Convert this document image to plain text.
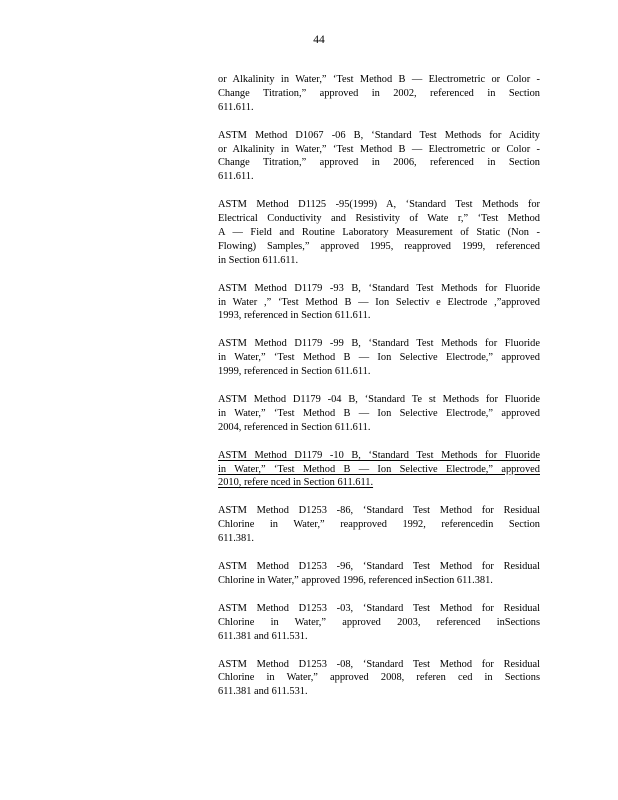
44
or Alkalinity in Water,” ‘Test Method B — Electrometric or Color -
Change Titration,” approved in 2002, referenced in Section
611.611.
ASTM Method D1067 -06 B, ‘Standard Test Methods for Acidity
or Alkalinity in Water,” ‘Test Method B — Electrometric or Color -
Change Titration,” approved in 2006, referenced in Section
611.611.
ASTM Method D1125 -95(1999) A, ‘Standard Test Methods for
Electrical Conductivity and Resistivity of Wate r,” ‘Test Method
A — Field and Routine Laboratory Measurement of Static (Non -
Flowing) Samples,” approved 1995, reapproved 1999, referenced
in Section 611.611.
ASTM Method D1179 -93 B, ‘Standard Test Methods for Fluoride
in Water ,” ‘Test Method B — Ion Selectiv e Electrode ,”approved
1993, referenced in Section 611.611.
ASTM Method D1179 -99 B, ‘Standard Test Methods for Fluoride
in Water,” ‘Test Method B — Ion Selective Electrode,” approved
1999, referenced in Section 611.611.
ASTM Method D1179 -04 B, ‘Standard Te st Methods for Fluoride
in Water,” ‘Test Method B — Ion Selective Electrode,” approved
2004, referenced in Section 611.611.
ASTM Method D1179 -10 B, ‘Standard Test Methods for Fluoride
in Water,” ‘Test Method B — Ion Selective Electrode,” approved
2010, refere nced in Section 611.611.
ASTM Method D1253 -86, ‘Standard Test Method for Residual
Chlorine in Water,” reapproved 1992, referencedin Section
611.381.
ASTM Method D1253 -96, ‘Standard Test Method for Residual
Chlorine in Water,” approved 1996, referenced inSection 611.381.
ASTM Method D1253 -03, ‘Standard Test Method for Residual
Chlorine in Water,” approved 2003, referenced inSections
611.381 and 611.531.
ASTM Method D1253 -08, ‘Standard Test Method for Residual
Chlorine in Water,” approved 2008, referen ced in Sections
611.381 and 611.531.
